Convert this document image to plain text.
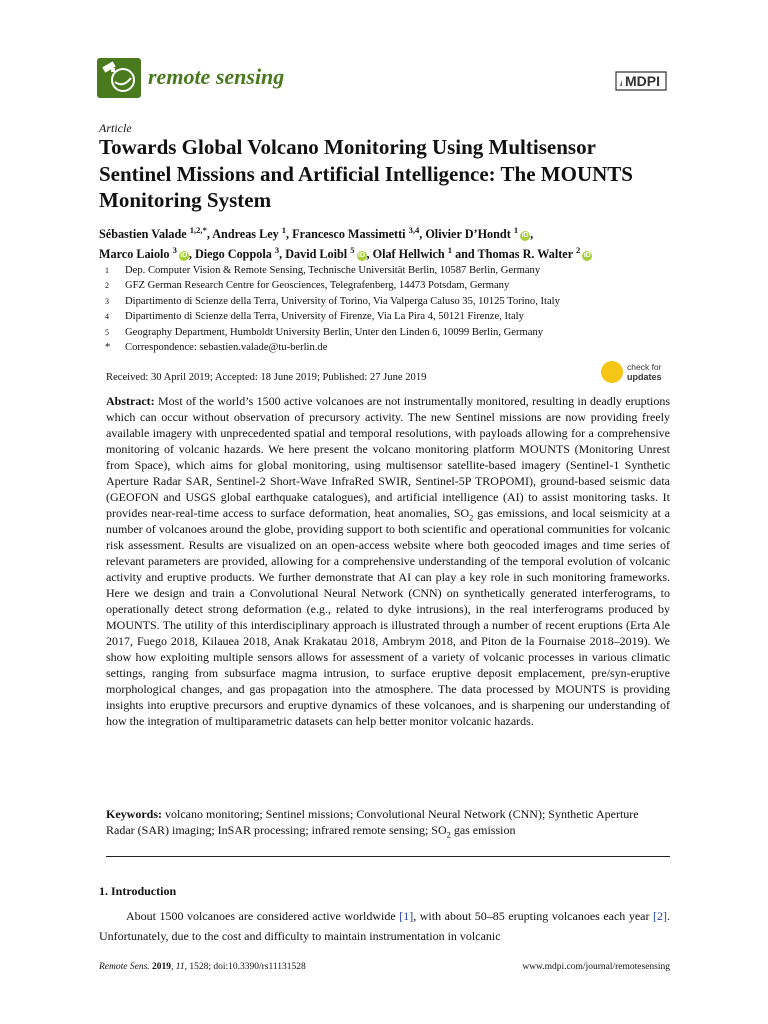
remote sensing	MDPI
Article
Towards Global Volcano Monitoring Using Multisensor Sentinel Missions and Artificial Intelligence: The MOUNTS Monitoring System
Sébastien Valade $^{1,2,*}$, Andreas Ley $^1$, Francesco Massimetti $^{3,4}$, Olivier D’Hondt $^1$iD ,
Marco Laiolo $^3$iD , Diego Coppola $^3$, David Loibl $^5$iD , Olaf Hellwich $^1$ and Thomas R. Walter $^2$iD
1	Dep. Computer Vision & Remote Sensing, Technische Universität Berlin, 10587 Berlin, Germany
2	GFZ German Research Centre for Geosciences, Telegrafenberg, 14473 Potsdam, Germany
3	Dipartimento di Scienze della Terra, University of Torino, Via Valperga Caluso 35, 10125 Torino, Italy
4	Dipartimento di Scienze della Terra, University of Firenze, Via La Pira 4, 50121 Firenze, Italy
5	Geography Department, Humboldt University Berlin, Unter den Linden 6, 10099 Berlin, Germany
*	Correspondence: sebastien.valade@tu-berlin.de
Received: 30 April 2019; Accepted: 18 June 2019; Published: 27 June 2019
check for
updates
Abstract: Most of the world’s 1500 active volcanoes are not instrumentally monitored, resulting in deadly eruptions which can occur without observation of precursory activity. The new Sentinel missions are now providing freely available imagery with unprecedented spatial and temporal resolutions, with payloads allowing for a comprehensive monitoring of volcanic hazards. We here present the volcano monitoring platform MOUNTS (Monitoring Unrest from Space), which aims for global monitoring, using multisensor satellite-based imagery (Sentinel-1 Synthetic Aperture Radar SAR, Sentinel-2 Short-Wave InfraRed SWIR, Sentinel-5P TROPOMI), ground-based seismic data (GEOFON and USGS global earthquake catalogues), and artificial intelligence (AI) to assist monitoring tasks. It provides near-real-time access to surface deformation, heat anomalies, $SO_2$ gas emissions, and local seismicity at a number of volcanoes around the globe, providing support to both scientific and operational communities for volcanic risk assessment. Results are visualized on an open-access website where both geocoded images and time series of relevant parameters are provided, allowing for a comprehensive understanding of the temporal evolution of volcanic activity and eruptive products. We further demonstrate that AI can play a key role in such monitoring frameworks. Here we design and train a Convolutional Neural Network (CNN) on synthetically generated interferograms, to operationally detect strong deformation (e.g., related to dyke intrusions), in the real interferograms produced by MOUNTS. The utility of this interdisciplinary approach is illustrated through a number of recent eruptions (Erta Ale 2017, Fuego 2018, Kilauea 2018, Anak Krakatau 2018, Ambrym 2018, and Piton de la Fournaise 2018–2019). We show how exploiting multiple sensors allows for assessment of a variety of volcanic processes in various climatic settings, ranging from subsurface magma intrusion, to surface eruptive deposit emplacement, pre/syn-eruptive morphological changes, and gas propagation into the atmosphere. The data processed by MOUNTS is providing insights into eruptive precursors and eruptive dynamics of these volcanoes, and is sharpening our understanding of how the integration of multiparametric datasets can help better monitor volcanic hazards.
Keywords: volcano monitoring; Sentinel missions; Convolutional Neural Network (CNN); Synthetic Aperture Radar (SAR) imaging; InSAR processing; infrared remote sensing; $SO_2$ gas emission
1. Introduction
About 1500 volcanoes are considered active worldwide [1], with about 50–85 erupting volcanoes each year [2]. Unfortunately, due to the cost and difficulty to maintain instrumentation in volcanic
Remote Sens. 2019, 11, 1528; doi:10.3390/rs11131528	www.mdpi.com/journal/remotesensing
